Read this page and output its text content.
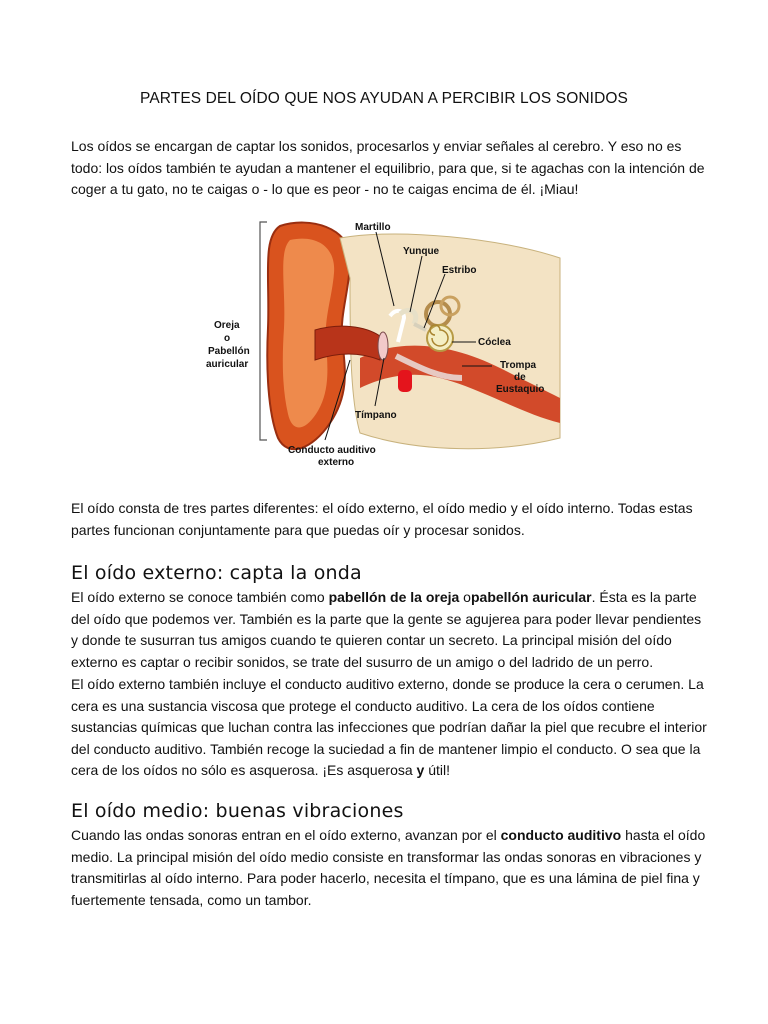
PARTES DEL OÍDO QUE NOS AYUDAN A PERCIBIR LOS SONIDOS

Los oídos se encargan de captar los sonidos, procesarlos y enviar señales al cerebro. Y eso no es todo: los oídos también te ayudan a mantener el equilibrio, para que, si te agachas con la intención de coger a tu gato, no te caigas o - lo que es peor - no te caigas encima de él. ¡Miau!

Martillo
Yunque
Estribo
Oreja
o
Pabellón
auricular
Cóclea
Trompa
de
Eustaquio
Tímpano
Conducto auditivo
externo

El oído consta de tres partes diferentes: el oído externo, el oído medio y el oído interno. Todas estas partes funcionan conjuntamente para que puedas oír y procesar sonidos.

El oído externo: capta la onda

El oído externo se conoce también como pabellón de la oreja opabellón auricular. Ésta es la parte del oído que podemos ver. También es la parte que la gente se agujerea para poder llevar pendientes y donde te susurran tus amigos cuando te quieren contar un secreto. La principal misión del oído externo es captar o recibir sonidos, se trate del susurro de un amigo o del ladrido de un perro.

El oído externo también incluye el conducto auditivo externo, donde se produce la cera o cerumen. La cera es una sustancia viscosa que protege el conducto auditivo. La cera de los oídos contiene sustancias químicas que luchan contra las infecciones que podrían dañar la piel que recubre el interior del conducto auditivo. También recoge la suciedad a fin de mantener limpio el conducto. O sea que la cera de los oídos no sólo es asquerosa. ¡Es asquerosa y útil!

El oído medio: buenas vibraciones

Cuando las ondas sonoras entran en el oído externo, avanzan por el conducto auditivo hasta el oído medio. La principal misión del oído medio consiste en transformar las ondas sonoras en vibraciones y transmitirlas al oído interno. Para poder hacerlo, necesita el tímpano, que es una lámina de piel fina y fuertemente tensada, como un tambor.
